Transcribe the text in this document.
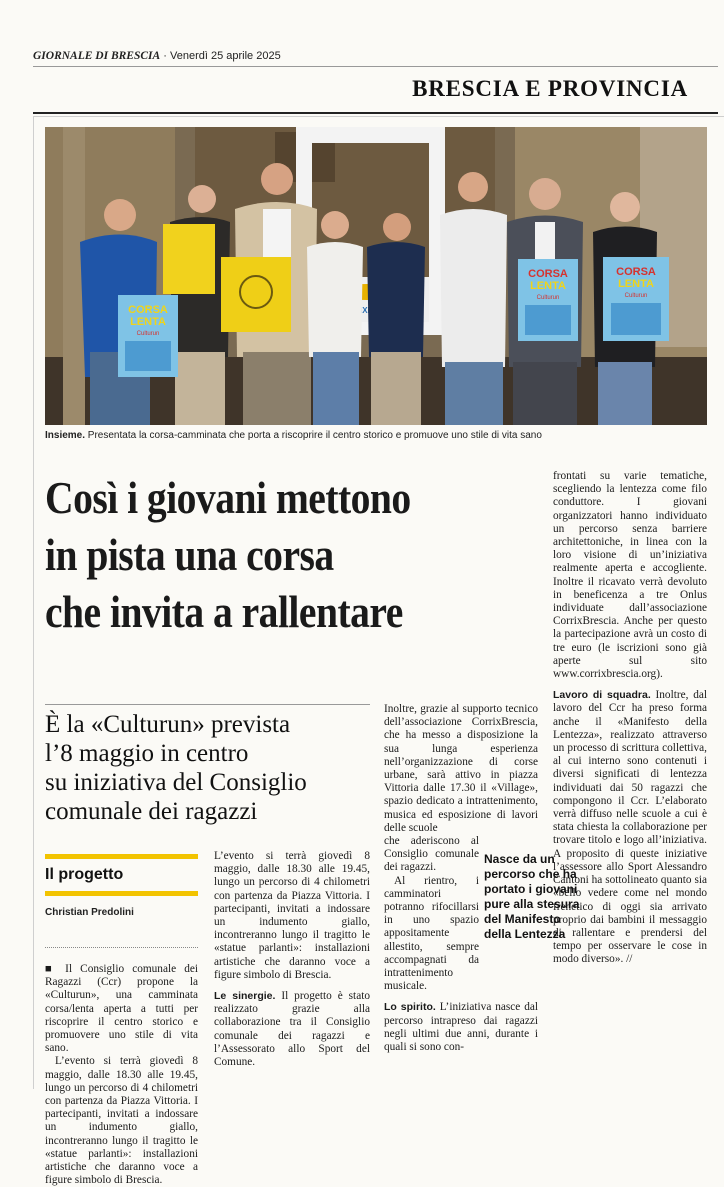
GIORNALE DI BRESCIA · Venerdì 25 aprile 2025
BRESCIA E PROVINCIA
CORSA
LENTA
Culturun
CORSA
LENTA
Culturun
CORSA
LENTA
Culturun
Insieme. Presentata la corsa-camminata che porta a riscoprire il centro storico e promuove uno stile di vita sano
Così i giovani mettono
in pista una corsa
che invita a rallentare
È la «Culturun» prevista
l’8 maggio in centro
su iniziativa del Consiglio
comunale dei ragazzi
Il progetto
Christian Predolini

■ Il Consiglio comunale dei Ragazzi (Ccr) propone la «Culturun», una camminata corsa/lenta aperta a tutti per riscoprire il centro storico e promuovere uno stile di vita sano.

L’evento si terrà giovedì 8 maggio, dalle 18.30 alle 19.45, lungo un percorso di 4 chilometri con partenza da Piazza Vittoria. I partecipanti, invitati a indossare un indumento giallo, incontreranno lungo il tragitto le «statue parlanti»: installazioni artistiche che daranno voce a figure simbolo di Brescia.

L’evento si terrà giovedì 8 maggio, dalle 18.30 alle 19.45, lungo un percorso di 4 chilometri con partenza da Piazza Vittoria. I partecipanti, invitati a indossare un indumento giallo, incontreranno lungo il tragitto le «statue parlanti»: installazioni artistiche che daranno voce a figure simbolo di Brescia.

Le sinergie. Il progetto è stato realizzato grazie alla collaborazione tra il Consiglio comunale dei ragazzi e l’Assessorato allo Sport del Comune.

Inoltre, grazie al supporto tecnico dell’associazione CorrixBrescia, che ha messo a disposizione la sua lunga esperienza nell’organizzazione di corse urbane, sarà attivo in piazza Vittoria dalle 17.30 il «Village», spazio dedicato a intrattenimento, musica ed esposizione di lavori delle scuole

che aderiscono al Consiglio comunale dei ragazzi.

Al rientro, i camminatori potranno rifocillarsi in uno spazio appositamente allestito, sempre accompagnati da intrattenimento musicale.

Lo spirito. L’iniziativa nasce dal percorso intrapreso dai ragazzi negli ultimi due anni, durante i quali si sono con-

Nasce da un percorso che ha portato i giovani pure alla stesura del Manifesto della Lentezza

frontati su varie tematiche, scegliendo la lentezza come filo conduttore. I giovani organizzatori hanno individuato un percorso senza barriere architettoniche, in linea con la loro visione di un’iniziativa realmente aperta e accogliente. Inoltre il ricavato verrà devoluto in beneficenza a tre Onlus individuate dall’associazione CorrixBrescia. Anche per questo la partecipazione avrà un costo di tre euro (le iscrizioni sono già aperte sul sito www.corrixbrescia.org).

Lavoro di squadra. Inoltre, dal lavoro del Ccr ha preso forma anche il «Manifesto della Lentezza», realizzato attraverso un processo di scrittura collettiva, al cui interno sono contenuti i diversi significati di lentezza individuati dai 50 ragazzi che compongono il Ccr. L’elaborato verrà diffuso nelle scuole a cui è stata chiesta la collaborazione per trovare titolo e logo all’iniziativa. A proposito di queste iniziative l’assessore allo Sport Alessandro Cantoni ha sottolineato quanto sia «bello vedere come nel mondo frenetico di oggi sia arrivato proprio dai bambini il messaggio di rallentare e prendersi del tempo per osservare le cose in modo diverso». //
